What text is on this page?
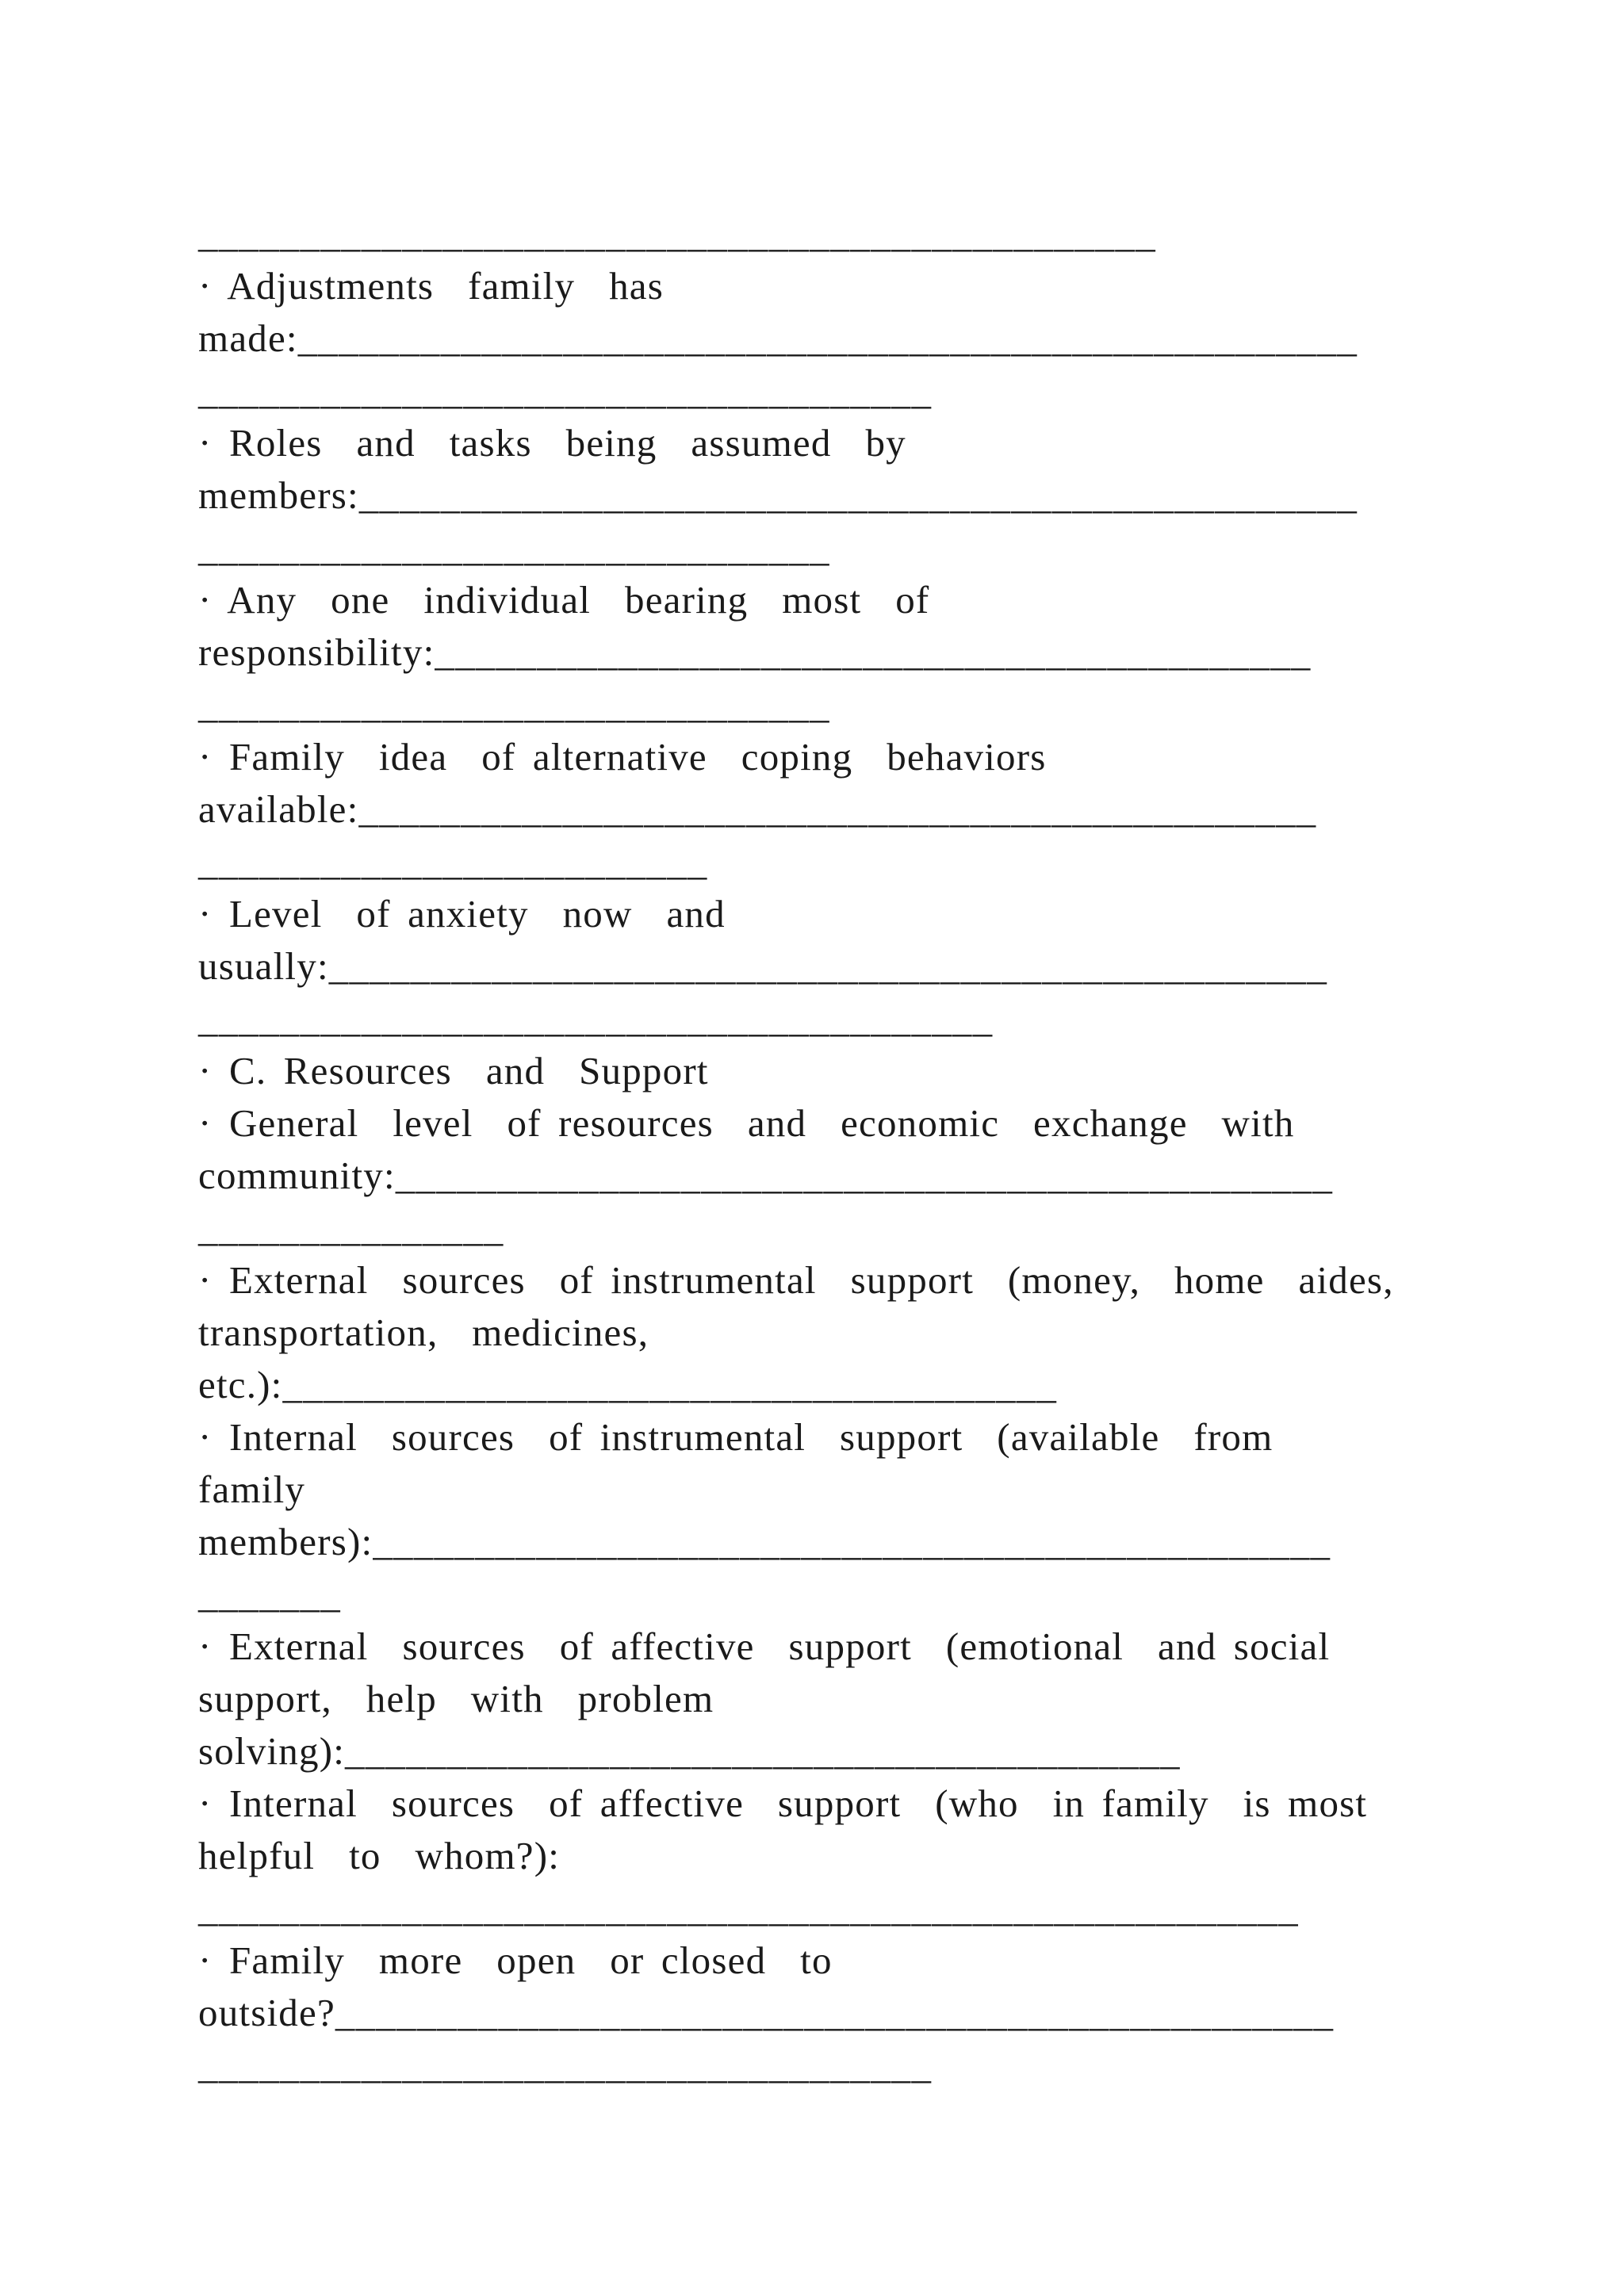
_______________________________________________
· Adjustments  family  has
made:____________________________________________________
____________________________________
· Roles  and  tasks  being  assumed  by
members:_________________________________________________
_______________________________
· Any  one  individual  bearing  most  of
responsibility:___________________________________________
_______________________________
· Family  idea  of alternative  coping  behaviors
available:_______________________________________________
_________________________
· Level  of anxiety  now  and
usually:_________________________________________________
_______________________________________
· C. Resources  and  Support
· General  level  of resources  and  economic  exchange  with
community:______________________________________________
_______________
· External  sources  of instrumental  support  (money,  home  aides,
transportation,  medicines,
etc.):______________________________________
· Internal  sources  of instrumental  support  (available  from
family
members):_______________________________________________
_______
· External  sources  of affective  support  (emotional  and social
support,  help  with  problem
solving):_________________________________________
· Internal  sources  of affective  support  (who  in family  is most
helpful  to  whom?):
______________________________________________________
· Family  more  open  or closed  to
outside?_________________________________________________
____________________________________
